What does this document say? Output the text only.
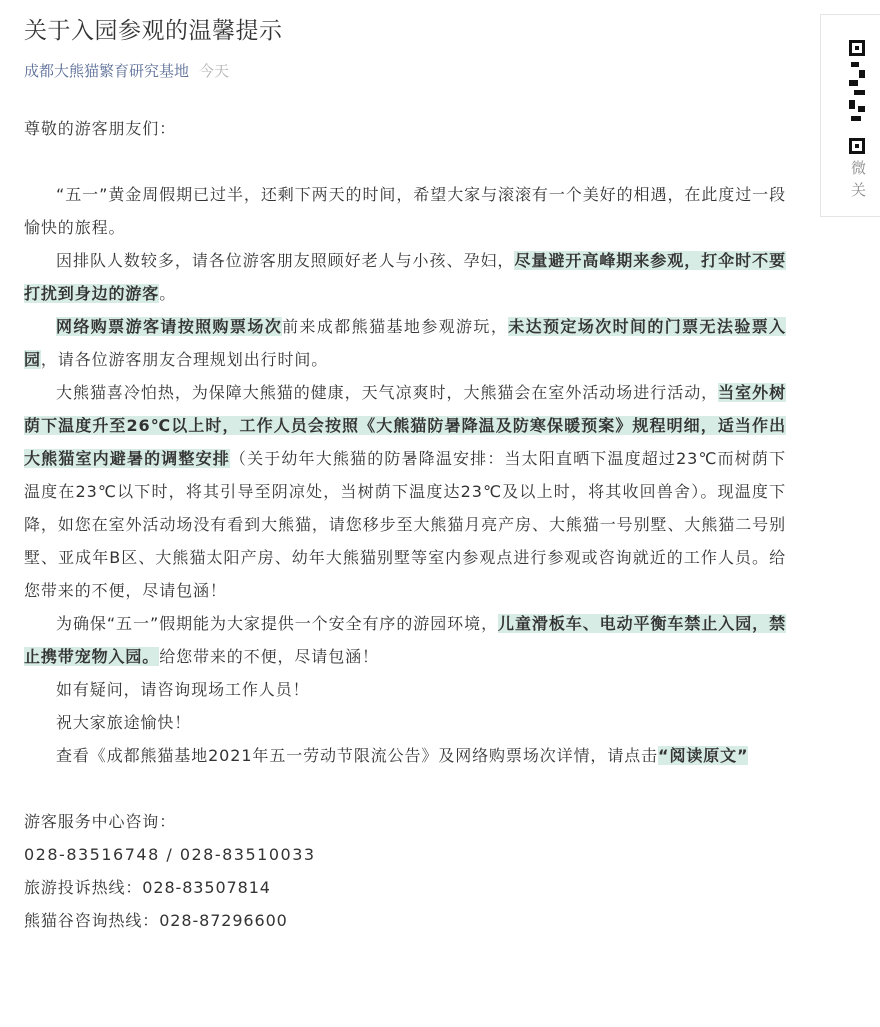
关于入园参观的温馨提示
成都大熊猫繁育研究基地 今天

尊敬的游客朋友们：

“五一”黄金周假期已过半，还剩下两天的时间，希望大家与滚滚有一个美好的相遇，在此度过一段愉快的旅程。

因排队人数较多，请各位游客朋友照顾好老人与小孩、孕妇，尽量避开高峰期来参观，打伞时不要打扰到身边的游客。

网络购票游客请按照购票场次前来成都熊猫基地参观游玩，未达预定场次时间的门票无法验票入园，请各位游客朋友合理规划出行时间。

大熊猫喜冷怕热，为保障大熊猫的健康，天气凉爽时，大熊猫会在室外活动场进行活动，当室外树荫下温度升至26℃以上时，工作人员会按照《大熊猫防暑降温及防寒保暖预案》规程明细，适当作出大熊猫室内避暑的调整安排（关于幼年大熊猫的防暑降温安排：当太阳直晒下温度超过23℃而树荫下温度在23℃以下时，将其引导至阴凉处，当树荫下温度达23℃及以上时，将其收回兽舍）。现温度下降，如您在室外活动场没有看到大熊猫，请您移步至大熊猫月亮产房、大熊猫一号别墅、大熊猫二号别墅、亚成年B区、大熊猫太阳产房、幼年大熊猫别墅等室内参观点进行参观或咨询就近的工作人员。给您带来的不便，尽请包涵！

为确保“五一”假期能为大家提供一个安全有序的游园环境，儿童滑板车、电动平衡车禁止入园，禁止携带宠物入园。给您带来的不便，尽请包涵！

如有疑问，请咨询现场工作人员！

祝大家旅途愉快！

查看《成都熊猫基地2021年五一劳动节限流公告》及网络购票场次详情，请点击“阅读原文”

游客服务中心咨询：

028-83516748 / 028-83510033

旅游投诉热线：028-83507814

熊猫谷咨询热线：028-87296600

微
关
